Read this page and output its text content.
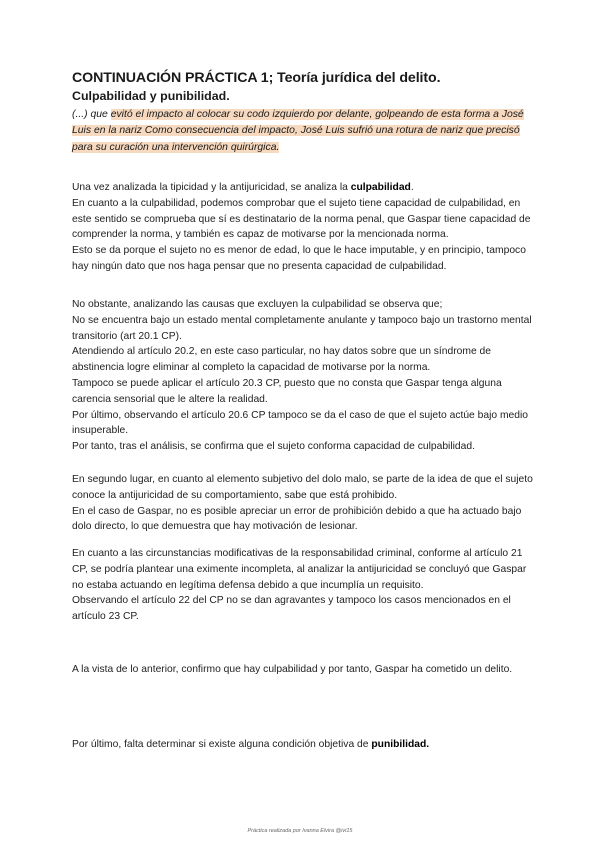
CONTINUACIÓN PRÁCTICA 1; Teoría jurídica del delito.
Culpabilidad y punibilidad.
(...) que evitó el impacto al colocar su codo izquierdo por delante, golpeando de esta forma a José Luis en la nariz Como consecuencia del impacto, José Luis sufrió una rotura de nariz que precisó para su curación una intervención quirúrgica.

Una vez analizada la tipicidad y la antijuricidad, se analiza la culpabilidad.

En cuanto a la culpabilidad, podemos comprobar que el sujeto tiene capacidad de culpabilidad, en este sentido se comprueba que sí es destinatario de la norma penal, que Gaspar tiene capacidad de comprender la norma, y también es capaz de motivarse por la mencionada norma.

Esto se da porque el sujeto no es menor de edad, lo que le hace imputable, y en principio, tampoco hay ningún dato que nos haga pensar que no presenta capacidad de culpabilidad.

No obstante, analizando las causas que excluyen la culpabilidad se observa que;

No se encuentra bajo un estado mental completamente anulante y tampoco bajo un trastorno mental transitorio (art 20.1 CP).

Atendiendo al artículo 20.2, en este caso particular, no hay datos sobre que un síndrome de abstinencia logre eliminar al completo la capacidad de motivarse por la norma.

Tampoco se puede aplicar el artículo 20.3 CP, puesto que no consta que Gaspar tenga alguna carencia sensorial que le altere la realidad.

Por último, observando el artículo 20.6 CP tampoco se da el caso de que el sujeto actúe bajo medio insuperable.

Por tanto, tras el análisis, se confirma que el sujeto conforma capacidad de culpabilidad.

En segundo lugar, en cuanto al elemento subjetivo del dolo malo, se parte de la idea de que el sujeto conoce la antijuricidad de su comportamiento, sabe que está prohibido.

En el caso de Gaspar, no es posible apreciar un error de prohibición debido a que ha actuado bajo dolo directo, lo que demuestra que hay motivación de lesionar.

En cuanto a las circunstancias modificativas de la responsabilidad criminal, conforme al artículo 21 CP, se podría plantear una eximente incompleta, al analizar la antijuricidad se concluyó que Gaspar no estaba actuando en legítima defensa debido a que incumplía un requisito.

Observando el artículo 22 del CP no se dan agravantes y tampoco los casos mencionados en el artículo 23 CP.

A la vista de lo anterior, confirmo que hay culpabilidad y por tanto, Gaspar ha cometido un delito.

Por último, falta determinar si existe alguna condición objetiva de punibilidad.

Práctica realizada por Ivanna Elvira @ivi15
